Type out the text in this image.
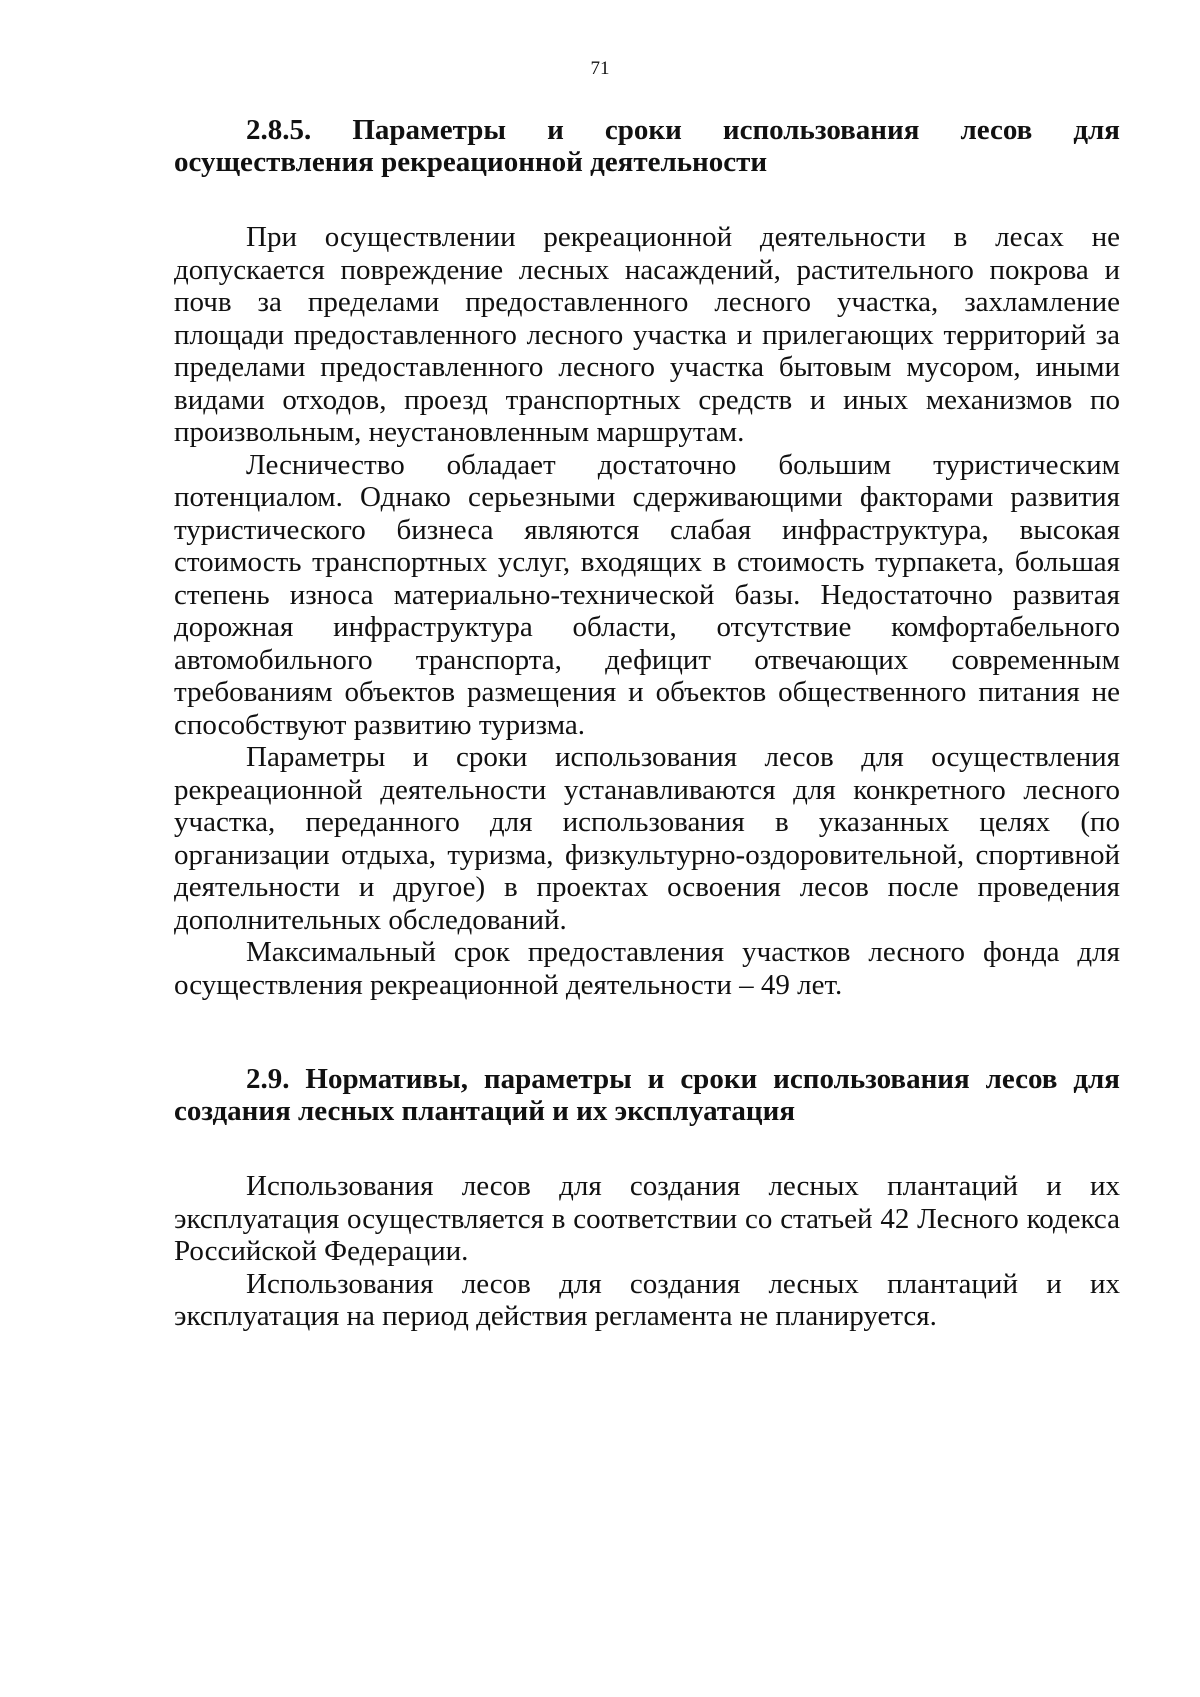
71
2.8.5. Параметры и сроки использования лесов для осуществления рекреационной деятельности

При осуществлении рекреационной деятельности в лесах не допускается повреждение лесных насаждений, растительного покрова и почв за пределами предоставленного лесного участка, захламление площади предоставленного лесного участка и прилегающих территорий за пределами предоставленного лесного участка бытовым мусором, иными видами отходов, проезд транспортных средств и иных механизмов по произвольным, неустановленным маршрутам.

Лесничество обладает достаточно большим туристическим потенциалом. Однако серьезными сдерживающими факторами развития туристического бизнеса являются слабая инфраструктура, высокая стоимость транспортных услуг, входящих в стоимость турпакета, большая степень износа материально-технической базы. Недостаточно развитая дорожная инфраструктура области, отсутствие комфортабельного автомобильного транспорта, дефицит отвечающих современным требованиям объектов размещения и объектов общественного питания не способствуют развитию туризма.

Параметры и сроки использования лесов для осуществления рекреационной деятельности устанавливаются для конкретного лесного участка, переданного для использования в указанных целях (по организации отдыха, туризма, физкультурно-оздоровительной, спортивной деятельности и другое) в проектах освоения лесов после проведения дополнительных обследований.

Максимальный срок предоставления участков лесного фонда для осуществления рекреационной деятельности – 49 лет.

2.9. Нормативы, параметры и сроки использования лесов для создания лесных плантаций и их эксплуатация

Использования лесов для создания лесных плантаций и их эксплуатация осуществляется в соответствии со статьей 42 Лесного кодекса Российской Федерации.

Использования лесов для создания лесных плантаций и их эксплуатация на период действия регламента не планируется.
